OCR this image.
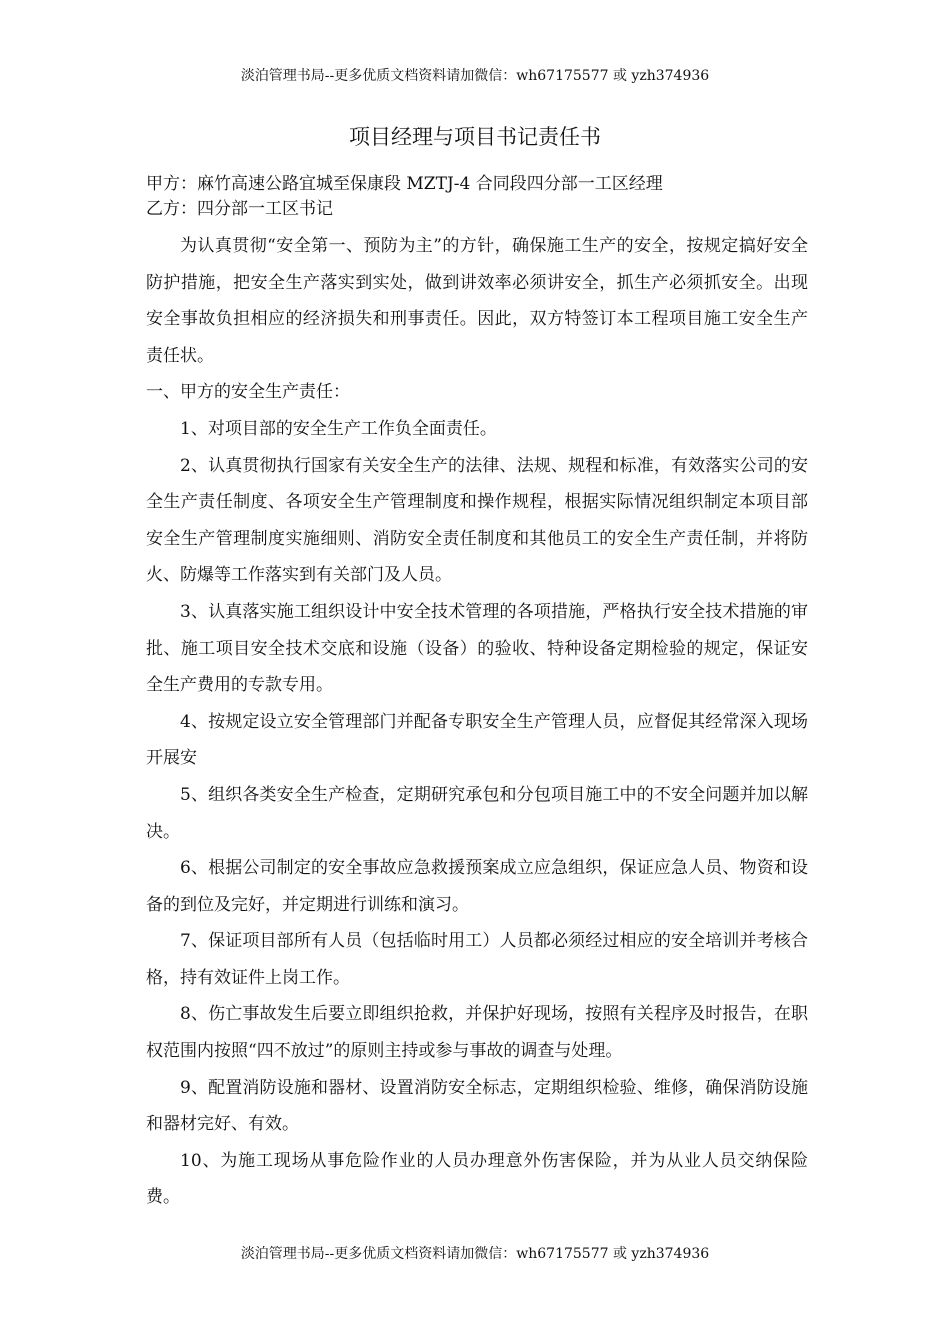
淡泊管理书局--更多优质文档资料请加微信：wh67175577 或 yzh374936
项目经理与项目书记责任书
甲方：麻竹高速公路宜城至保康段 MZTJ-4 合同段四分部一工区经理
乙方：四分部一工区书记

为认真贯彻“安全第一、预防为主”的方针，确保施工生产的安全，按规定搞好安全防护措施，把安全生产落实到实处，做到讲效率必须讲安全，抓生产必须抓安全。出现安全事故负担相应的经济损失和刑事责任。因此，双方特签订本工程项目施工安全生产责任状。

一、甲方的安全生产责任：

1、对项目部的安全生产工作负全面责任。

2、认真贯彻执行国家有关安全生产的法律、法规、规程和标准，有效落实公司的安全生产责任制度、各项安全生产管理制度和操作规程，根据实际情况组织制定本项目部安全生产管理制度实施细则、消防安全责任制度和其他员工的安全生产责任制，并将防火、防爆等工作落实到有关部门及人员。

3、认真落实施工组织设计中安全技术管理的各项措施，严格执行安全技术措施的审批、施工项目安全技术交底和设施（设备）的验收、特种设备定期检验的规定，保证安全生产费用的专款专用。

4、按规定设立安全管理部门并配备专职安全生产管理人员，应督促其经常深入现场开展安

5、组织各类安全生产检查，定期研究承包和分包项目施工中的不安全问题并加以解决。

6、根据公司制定的安全事故应急救援预案成立应急组织，保证应急人员、物资和设备的到位及完好，并定期进行训练和演习。

7、保证项目部所有人员（包括临时用工）人员都必须经过相应的安全培训并考核合格，持有效证件上岗工作。

8、伤亡事故发生后要立即组织抢救，并保护好现场，按照有关程序及时报告，在职权范围内按照“四不放过”的原则主持或参与事故的调查与处理。

9、配置消防设施和器材、设置消防安全标志，定期组织检验、维修，确保消防设施和器材完好、有效。

10、为施工现场从事危险作业的人员办理意外伤害保险，并为从业人员交纳保险费。

淡泊管理书局--更多优质文档资料请加微信：wh67175577 或 yzh374936
